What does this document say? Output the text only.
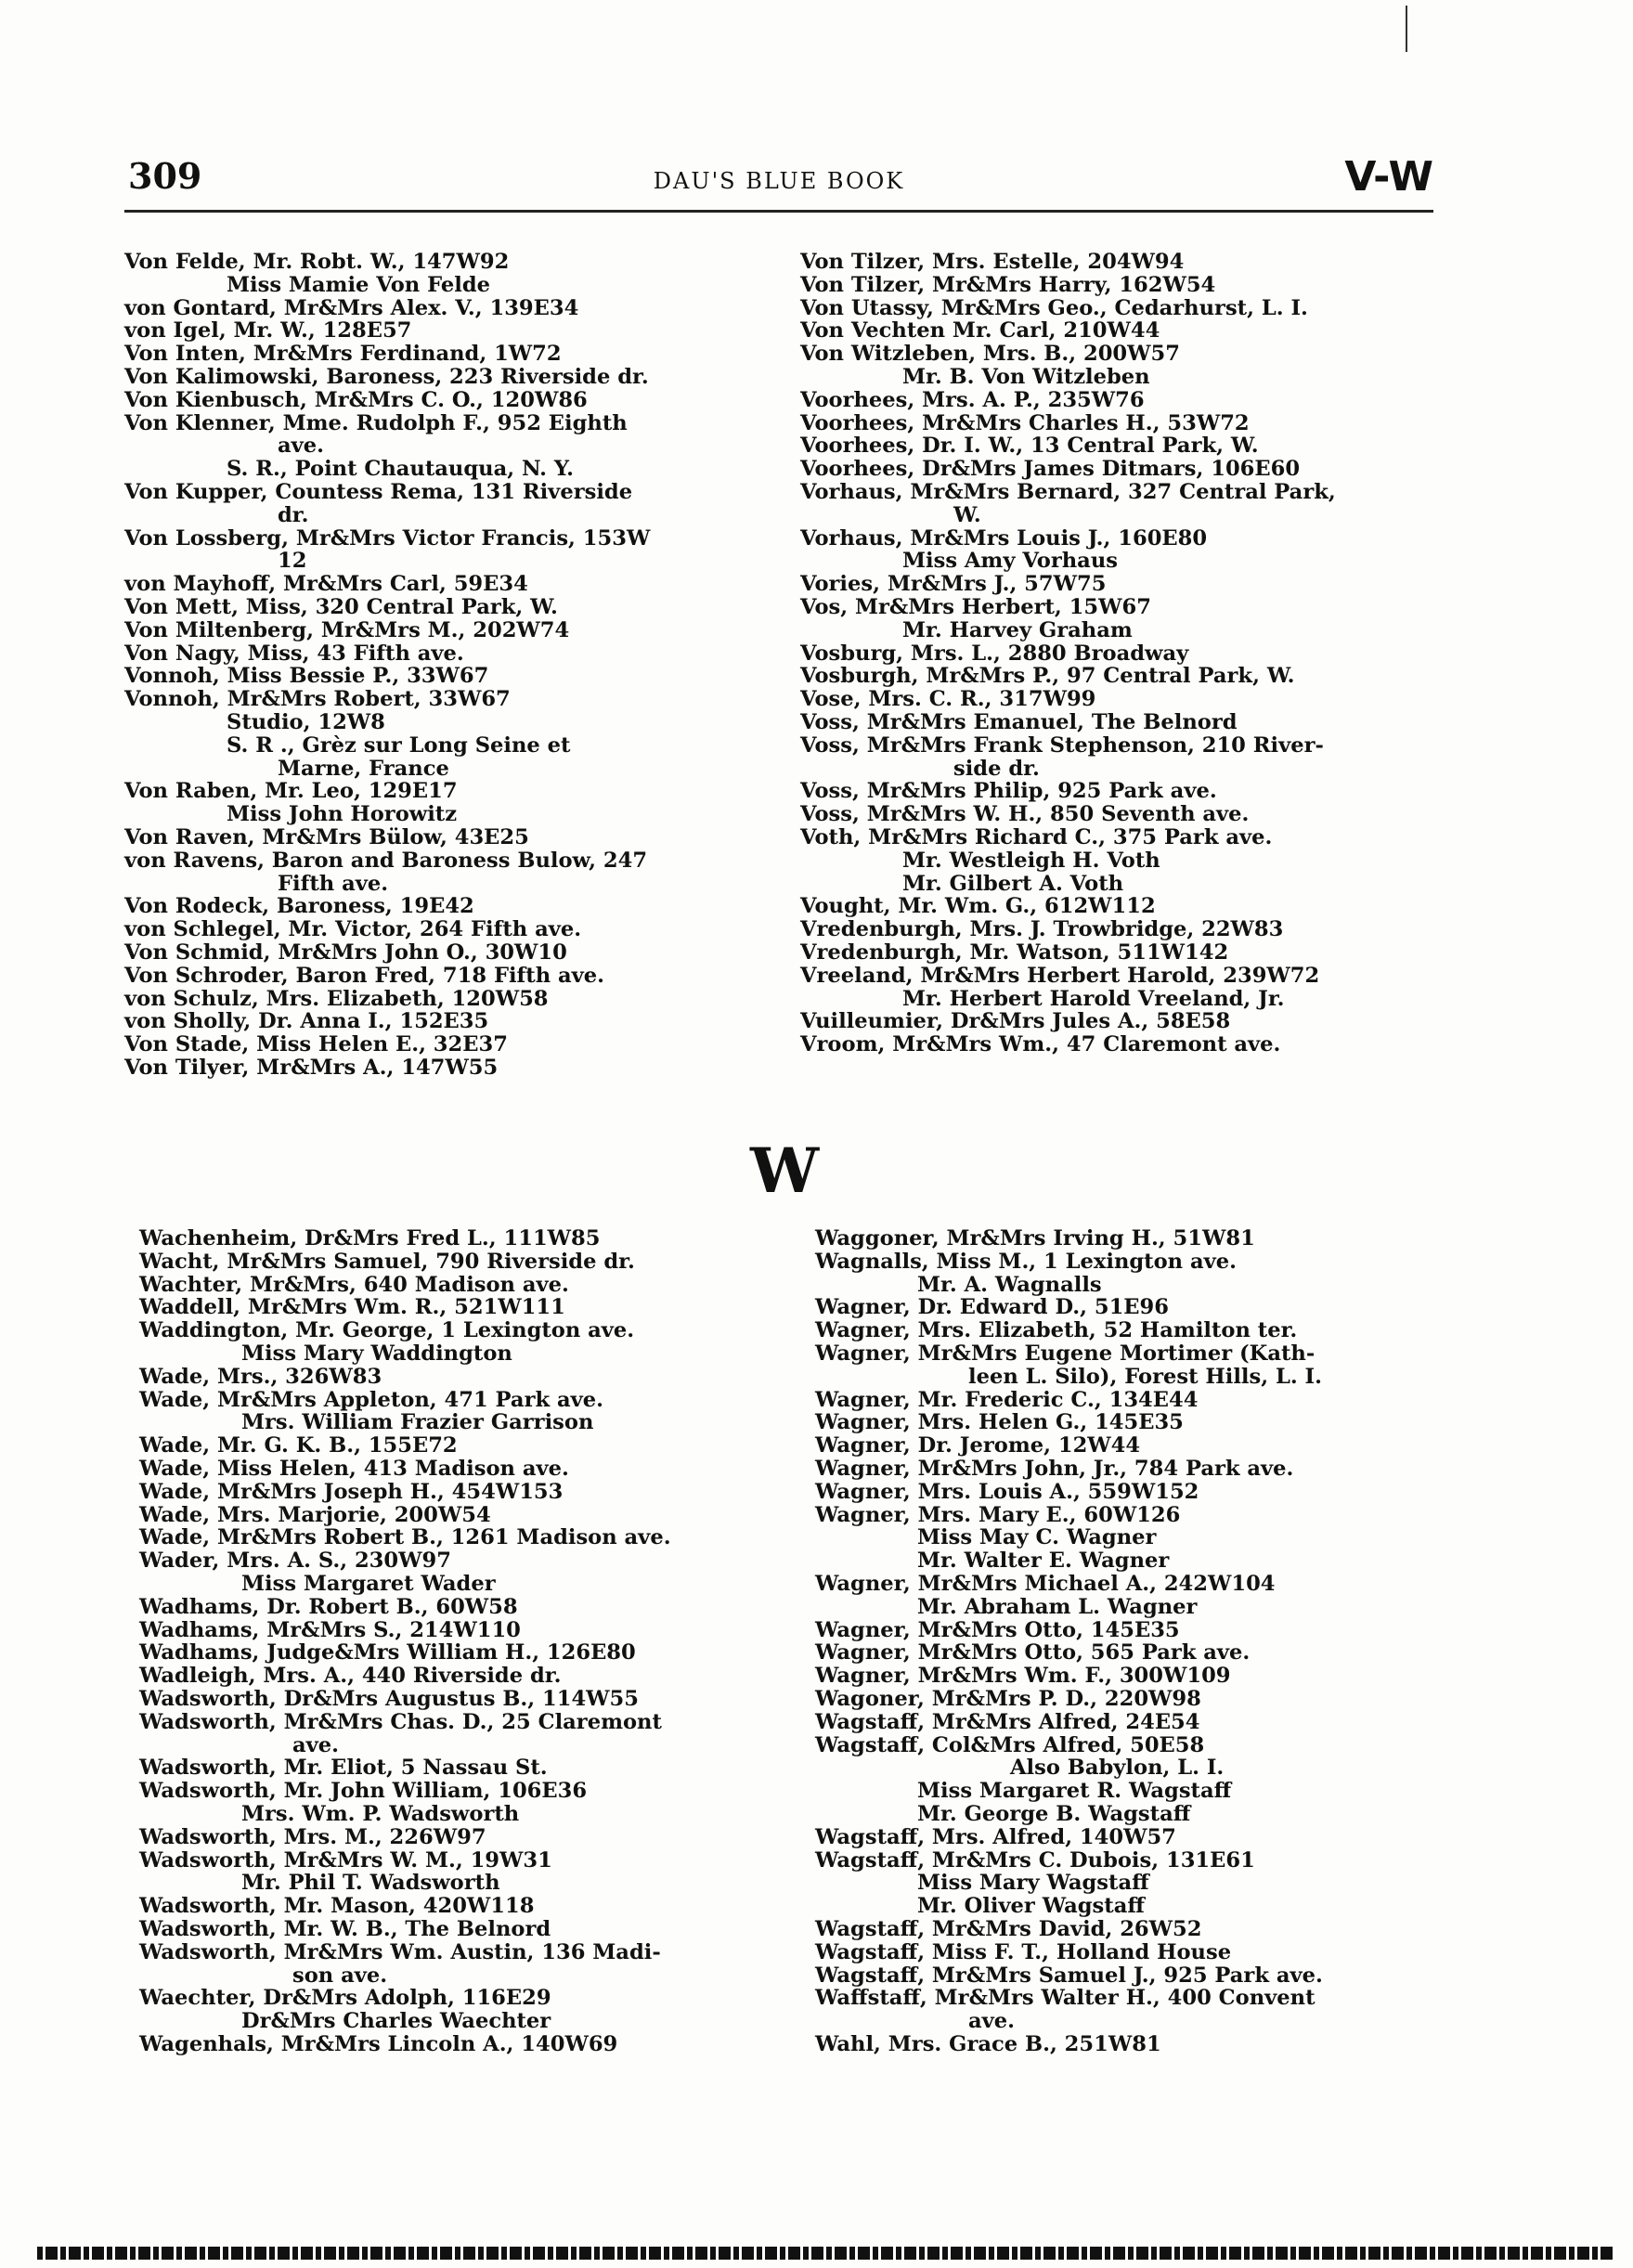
309	DAU'S BLUE BOOK	V-W
Von Felde, Mr. Robt. W., 147W92
Miss Mamie Von Felde
von Gontard, Mr&Mrs Alex. V., 139E34
von Igel, Mr. W., 128E57
Von Inten, Mr&Mrs Ferdinand, 1W72
Von Kalimowski, Baroness, 223 Riverside dr.
Von Kienbusch, Mr&Mrs C. O., 120W86
Von Klenner, Mme. Rudolph F., 952 Eighth
ave.
S. R., Point Chautauqua, N. Y.
Von Kupper, Countess Rema, 131 Riverside
dr.
Von Lossberg, Mr&Mrs Victor Francis, 153W
12
von Mayhoff, Mr&Mrs Carl, 59E34
Von Mett, Miss, 320 Central Park, W.
Von Miltenberg, Mr&Mrs M., 202W74
Von Nagy, Miss, 43 Fifth ave.
Vonnoh, Miss Bessie P., 33W67
Vonnoh, Mr&Mrs Robert, 33W67
Studio, 12W8
S. R ., Grèz sur Long Seine et
Marne, France
Von Raben, Mr. Leo, 129E17
Miss John Horowitz
Von Raven, Mr&Mrs Bülow, 43E25
von Ravens, Baron and Baroness Bulow, 247
Fifth ave.
Von Rodeck, Baroness, 19E42
von Schlegel, Mr. Victor, 264 Fifth ave.
Von Schmid, Mr&Mrs John O., 30W10
Von Schroder, Baron Fred, 718 Fifth ave.
von Schulz, Mrs. Elizabeth, 120W58
von Sholly, Dr. Anna I., 152E35
Von Stade, Miss Helen E., 32E37
Von Tilyer, Mr&Mrs A., 147W55
Von Tilzer, Mrs. Estelle, 204W94
Von Tilzer, Mr&Mrs Harry, 162W54
Von Utassy, Mr&Mrs Geo., Cedarhurst, L. I.
Von Vechten Mr. Carl, 210W44
Von Witzleben, Mrs. B., 200W57
Mr. B. Von Witzleben
Voorhees, Mrs. A. P., 235W76
Voorhees, Mr&Mrs Charles H., 53W72
Voorhees, Dr. I. W., 13 Central Park, W.
Voorhees, Dr&Mrs James Ditmars, 106E60
Vorhaus, Mr&Mrs Bernard, 327 Central Park,
W.
Vorhaus, Mr&Mrs Louis J., 160E80
Miss Amy Vorhaus
Vories, Mr&Mrs J., 57W75
Vos, Mr&Mrs Herbert, 15W67
Mr. Harvey Graham
Vosburg, Mrs. L., 2880 Broadway
Vosburgh, Mr&Mrs P., 97 Central Park, W.
Vose, Mrs. C. R., 317W99
Voss, Mr&Mrs Emanuel, The Belnord
Voss, Mr&Mrs Frank Stephenson, 210 River-
side dr.
Voss, Mr&Mrs Philip, 925 Park ave.
Voss, Mr&Mrs W. H., 850 Seventh ave.
Voth, Mr&Mrs Richard C., 375 Park ave.
Mr. Westleigh H. Voth
Mr. Gilbert A. Voth
Vought, Mr. Wm. G., 612W112
Vredenburgh, Mrs. J. Trowbridge, 22W83
Vredenburgh, Mr. Watson, 511W142
Vreeland, Mr&Mrs Herbert Harold, 239W72
Mr. Herbert Harold Vreeland, Jr.
Vuilleumier, Dr&Mrs Jules A., 58E58
Vroom, Mr&Mrs Wm., 47 Claremont ave.
W
Wachenheim, Dr&Mrs Fred L., 111W85
Wacht, Mr&Mrs Samuel, 790 Riverside dr.
Wachter, Mr&Mrs, 640 Madison ave.
Waddell, Mr&Mrs Wm. R., 521W111
Waddington, Mr. George, 1 Lexington ave.
Miss Mary Waddington
Wade, Mrs., 326W83
Wade, Mr&Mrs Appleton, 471 Park ave.
Mrs. William Frazier Garrison
Wade, Mr. G. K. B., 155E72
Wade, Miss Helen, 413 Madison ave.
Wade, Mr&Mrs Joseph H., 454W153
Wade, Mrs. Marjorie, 200W54
Wade, Mr&Mrs Robert B., 1261 Madison ave.
Wader, Mrs. A. S., 230W97
Miss Margaret Wader
Wadhams, Dr. Robert B., 60W58
Wadhams, Mr&Mrs S., 214W110
Wadhams, Judge&Mrs William H., 126E80
Wadleigh, Mrs. A., 440 Riverside dr.
Wadsworth, Dr&Mrs Augustus B., 114W55
Wadsworth, Mr&Mrs Chas. D., 25 Claremont
ave.
Wadsworth, Mr. Eliot, 5 Nassau St.
Wadsworth, Mr. John William, 106E36
Mrs. Wm. P. Wadsworth
Wadsworth, Mrs. M., 226W97
Wadsworth, Mr&Mrs W. M., 19W31
Mr. Phil T. Wadsworth
Wadsworth, Mr. Mason, 420W118
Wadsworth, Mr. W. B., The Belnord
Wadsworth, Mr&Mrs Wm. Austin, 136 Madi-
son ave.
Waechter, Dr&Mrs Adolph, 116E29
Dr&Mrs Charles Waechter
Wagenhals, Mr&Mrs Lincoln A., 140W69
Waggoner, Mr&Mrs Irving H., 51W81
Wagnalls, Miss M., 1 Lexington ave.
Mr. A. Wagnalls
Wagner, Dr. Edward D., 51E96
Wagner, Mrs. Elizabeth, 52 Hamilton ter.
Wagner, Mr&Mrs Eugene Mortimer (Kath-
leen L. Silo), Forest Hills, L. I.
Wagner, Mr. Frederic C., 134E44
Wagner, Mrs. Helen G., 145E35
Wagner, Dr. Jerome, 12W44
Wagner, Mr&Mrs John, Jr., 784 Park ave.
Wagner, Mrs. Louis A., 559W152
Wagner, Mrs. Mary E., 60W126
Miss May C. Wagner
Mr. Walter E. Wagner
Wagner, Mr&Mrs Michael A., 242W104
Mr. Abraham L. Wagner
Wagner, Mr&Mrs Otto, 145E35
Wagner, Mr&Mrs Otto, 565 Park ave.
Wagner, Mr&Mrs Wm. F., 300W109
Wagoner, Mr&Mrs P. D., 220W98
Wagstaff, Mr&Mrs Alfred, 24E54
Wagstaff, Col&Mrs Alfred, 50E58
Also Babylon, L. I.
Miss Margaret R. Wagstaff
Mr. George B. Wagstaff
Wagstaff, Mrs. Alfred, 140W57
Wagstaff, Mr&Mrs C. Dubois, 131E61
Miss Mary Wagstaff
Mr. Oliver Wagstaff
Wagstaff, Mr&Mrs David, 26W52
Wagstaff, Miss F. T., Holland House
Wagstaff, Mr&Mrs Samuel J., 925 Park ave.
Waffstaff, Mr&Mrs Walter H., 400 Convent
ave.
Wahl, Mrs. Grace B., 251W81
